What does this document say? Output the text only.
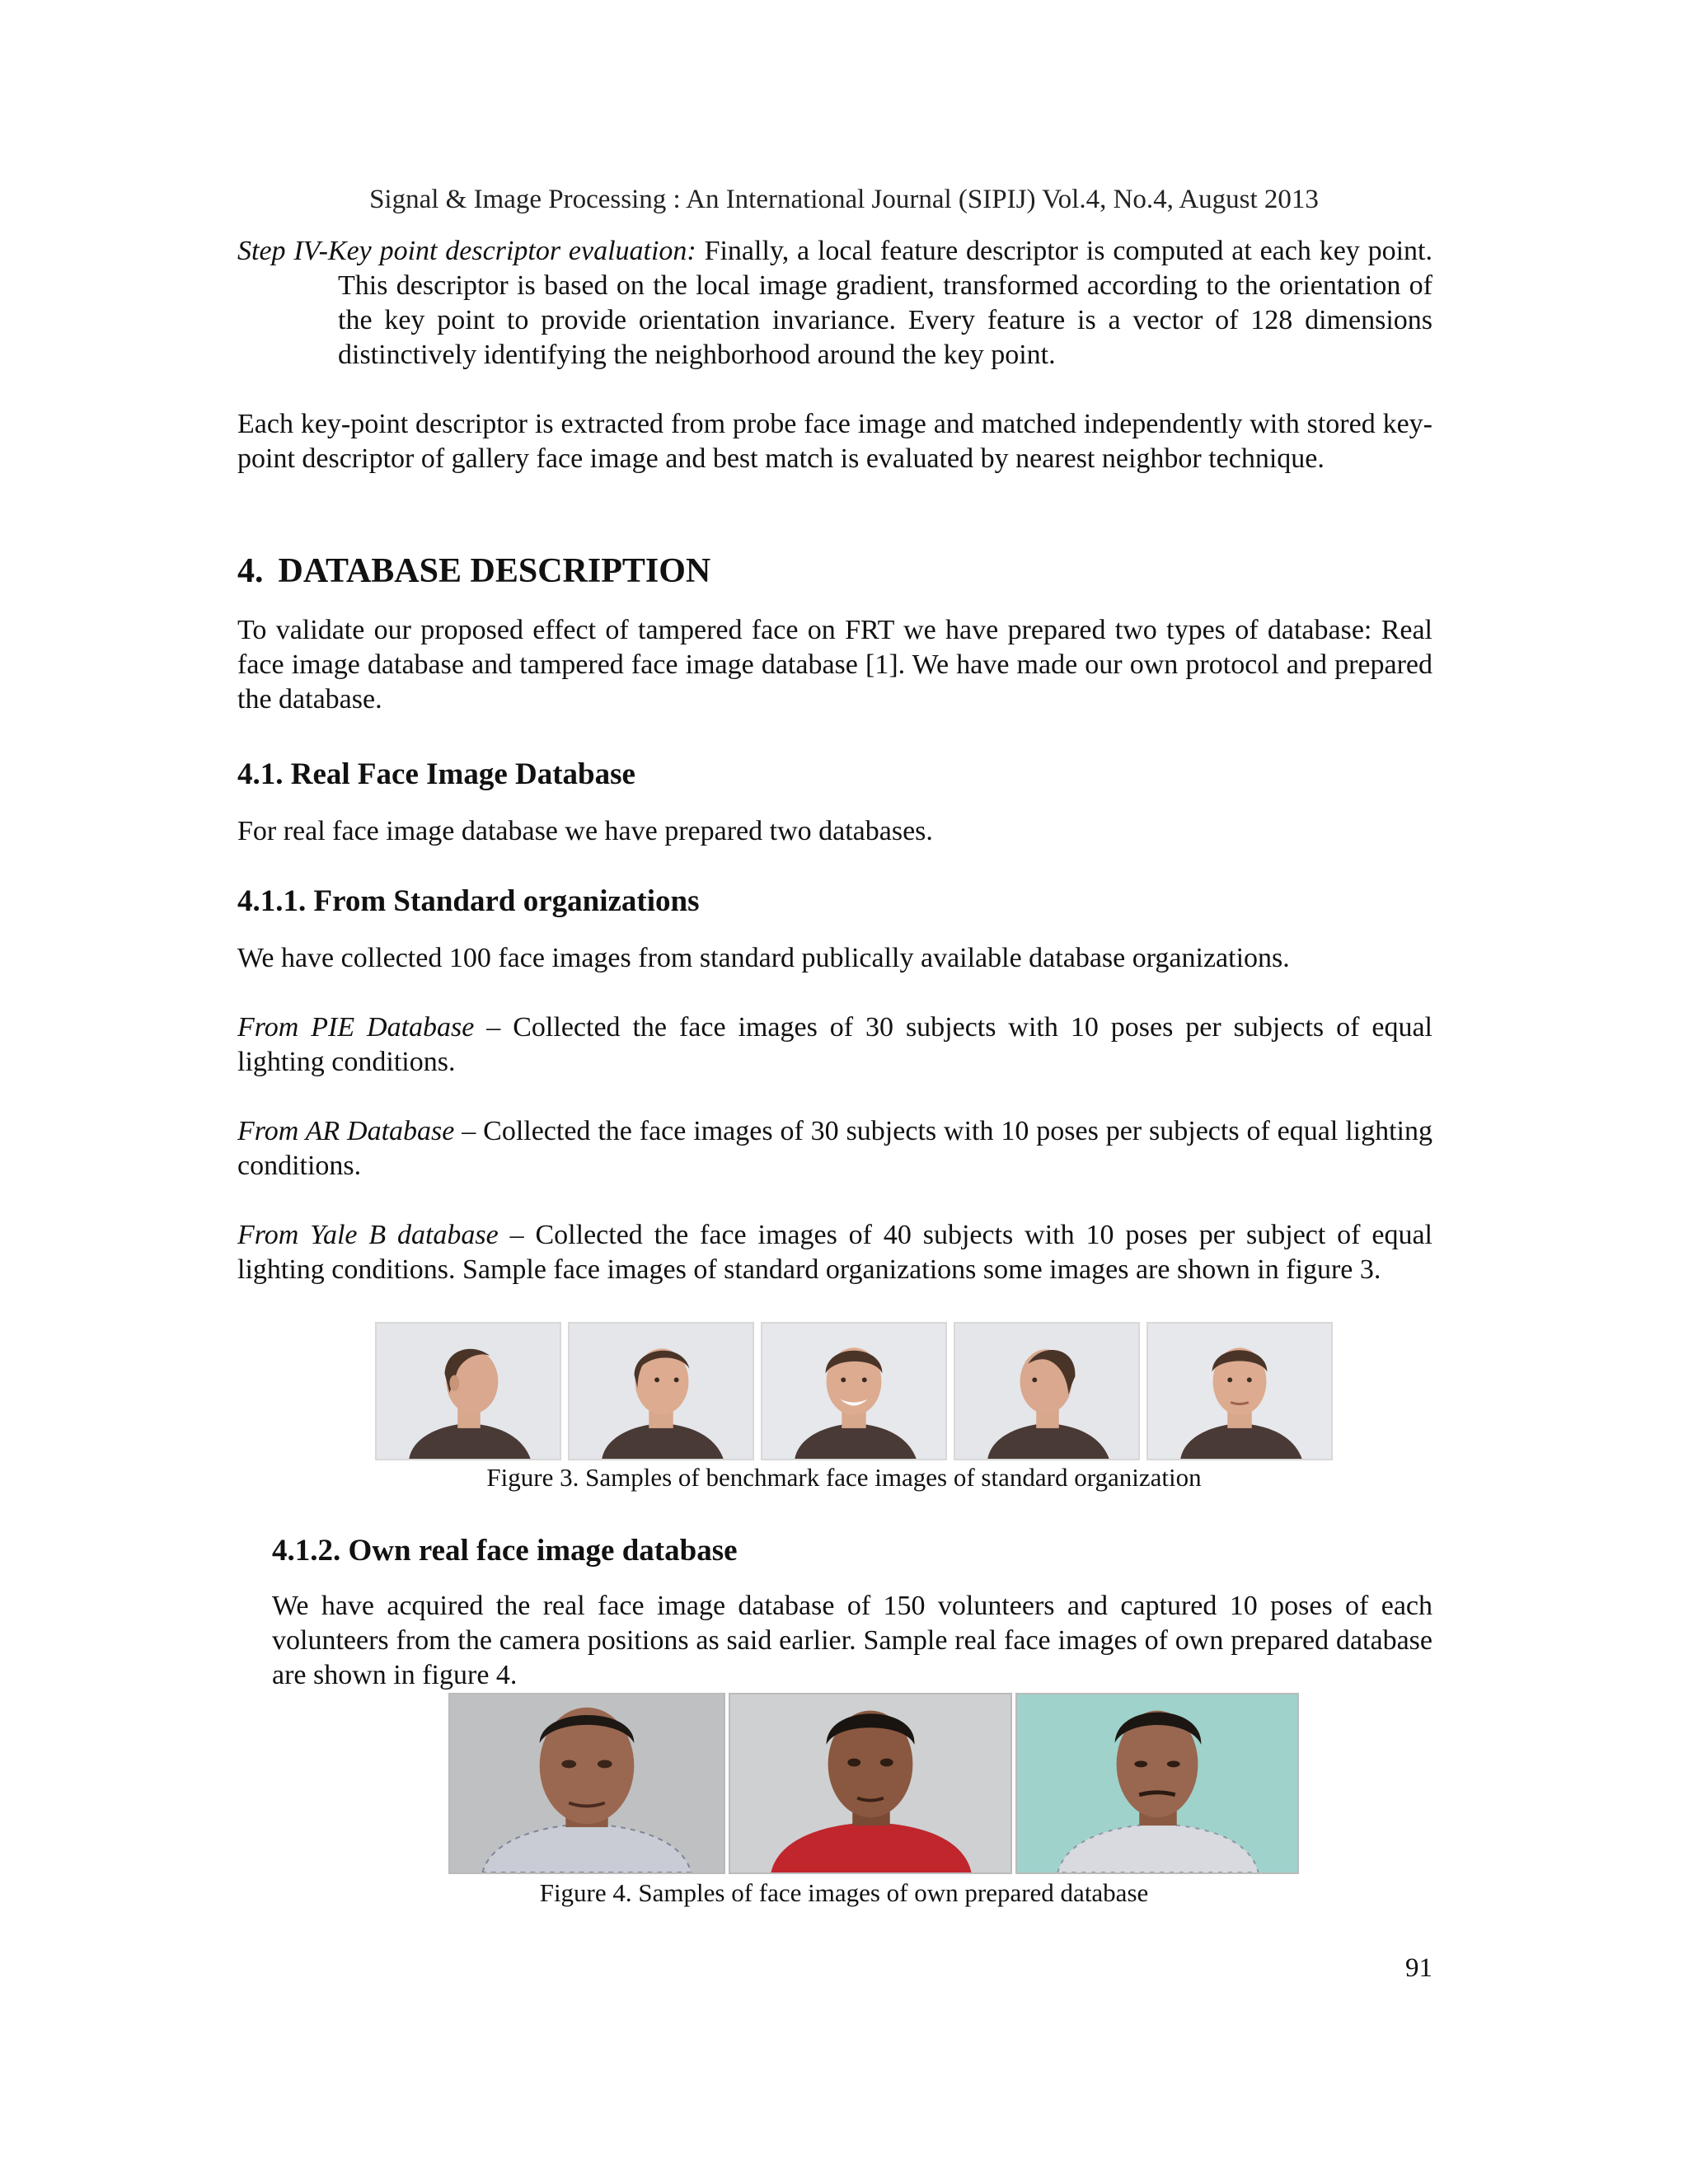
Signal & Image Processing : An International Journal (SIPIJ) Vol.4, No.4, August 2013

Step IV-Key point descriptor evaluation: Finally, a local feature descriptor is computed at each key point. This descriptor is based on the local image gradient, transformed according to the orientation of the key point to provide orientation invariance. Every feature is a vector of 128 dimensions distinctively identifying the neighborhood around the key point.

Each key-point descriptor is extracted from probe face image and matched independently with stored key-point descriptor of gallery face image and best match is evaluated by nearest neighbor technique.

4. DATABASE DESCRIPTION

To validate our proposed effect of tampered face on FRT we have prepared two types of database: Real face image database and tampered face image database [1]. We have made our own protocol and prepared the database.

4.1. Real Face Image Database

For real face image database we have prepared two databases.

4.1.1. From Standard organizations

We have collected 100 face images from standard publically available database organizations.

From PIE Database – Collected the face images of 30 subjects with 10 poses per subjects of equal lighting conditions.

From AR Database – Collected the face images of 30 subjects with 10 poses per subjects of equal lighting conditions.

From Yale B database – Collected the face images of 40 subjects with 10 poses per subject of equal lighting conditions. Sample face images of standard organizations some images are shown in figure 3.

Figure 3. Samples of benchmark face images of standard organization
4.1.2. Own real face image database

We have acquired the real face image database of 150 volunteers and captured 10 poses of each volunteers from the camera positions as said earlier. Sample real face images of own prepared database are shown in figure 4.

Figure 4. Samples of face images of own prepared database
91
